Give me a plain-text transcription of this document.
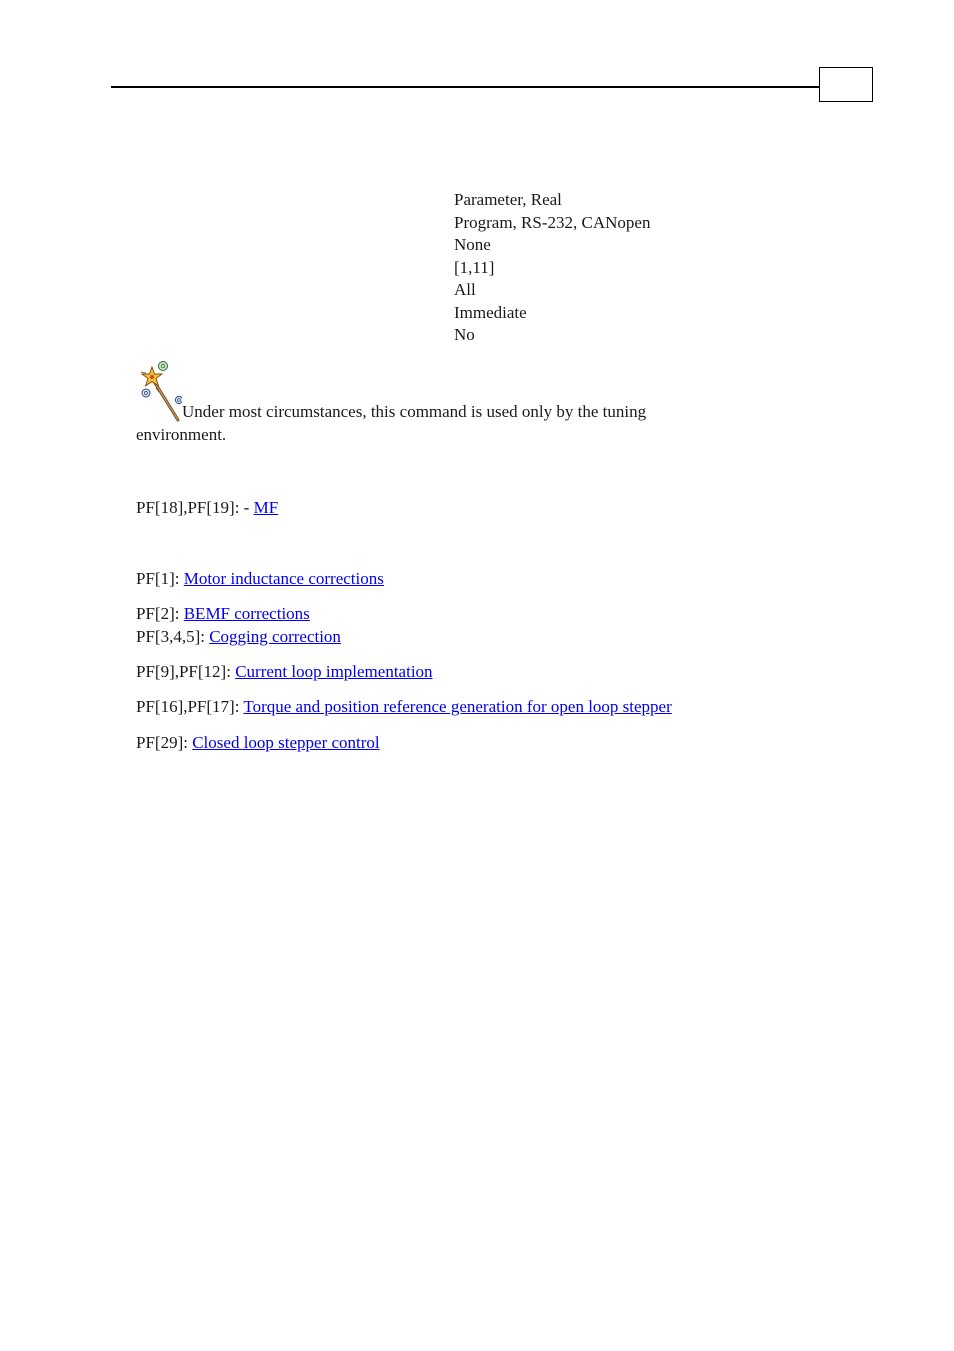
Parameter, Real
Program, RS-232, CANopen
None
[1,11]
All
Immediate
No
Under most circumstances, this command is used only by the tuning environment.
PF[18],PF[19]: - MF
PF[1]: Motor inductance corrections
PF[2]: BEMF corrections
PF[3,4,5]: Cogging correction
PF[9],PF[12]: Current loop implementation
PF[16],PF[17]: Torque and position reference generation for open loop stepper
PF[29]: Closed loop stepper control
